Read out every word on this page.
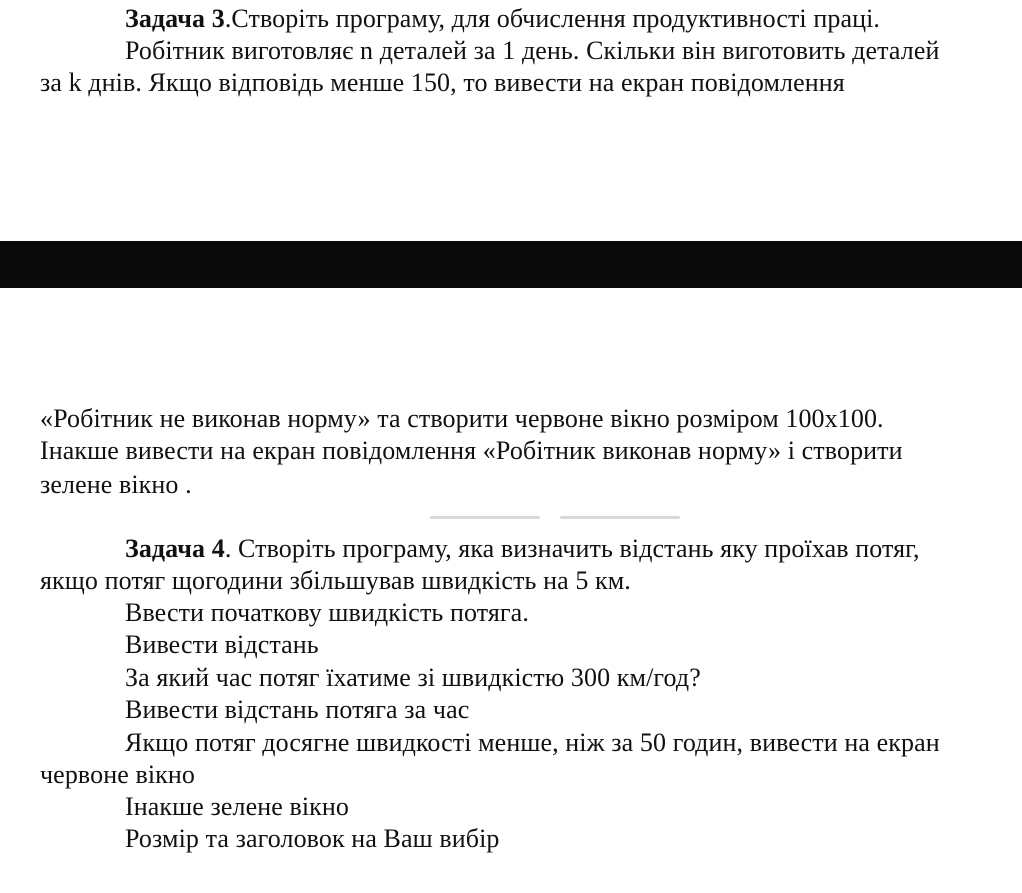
Задача 3.Створіть програму, для обчислення продуктивності праці.
Робітник виготовляє n деталей за 1 день. Скільки він виготовить деталей
за k днів. Якщо відповідь менше 150, то вивести на екран повідомлення
«Робітник не виконав норму» та створити червоне вікно розміром 100х100.
Інакше вивести на екран повідомлення «Робітник виконав норму» і створити
зелене вікно .
Задача 4. Створіть програму, яка визначить відстань яку проїхав потяг,
якщо потяг щогодини збільшував швидкість на 5 км.
Ввести початкову швидкість потяга.
Вивести відстань
За який час потяг їхатиме зі швидкістю 300 км/год?
Вивести відстань потяга за час
Якщо потяг досягне швидкості менше, ніж за 50 годин, вивести на екран
червоне вікно
Інакше зелене вікно
Розмір та заголовок на Ваш вибір
